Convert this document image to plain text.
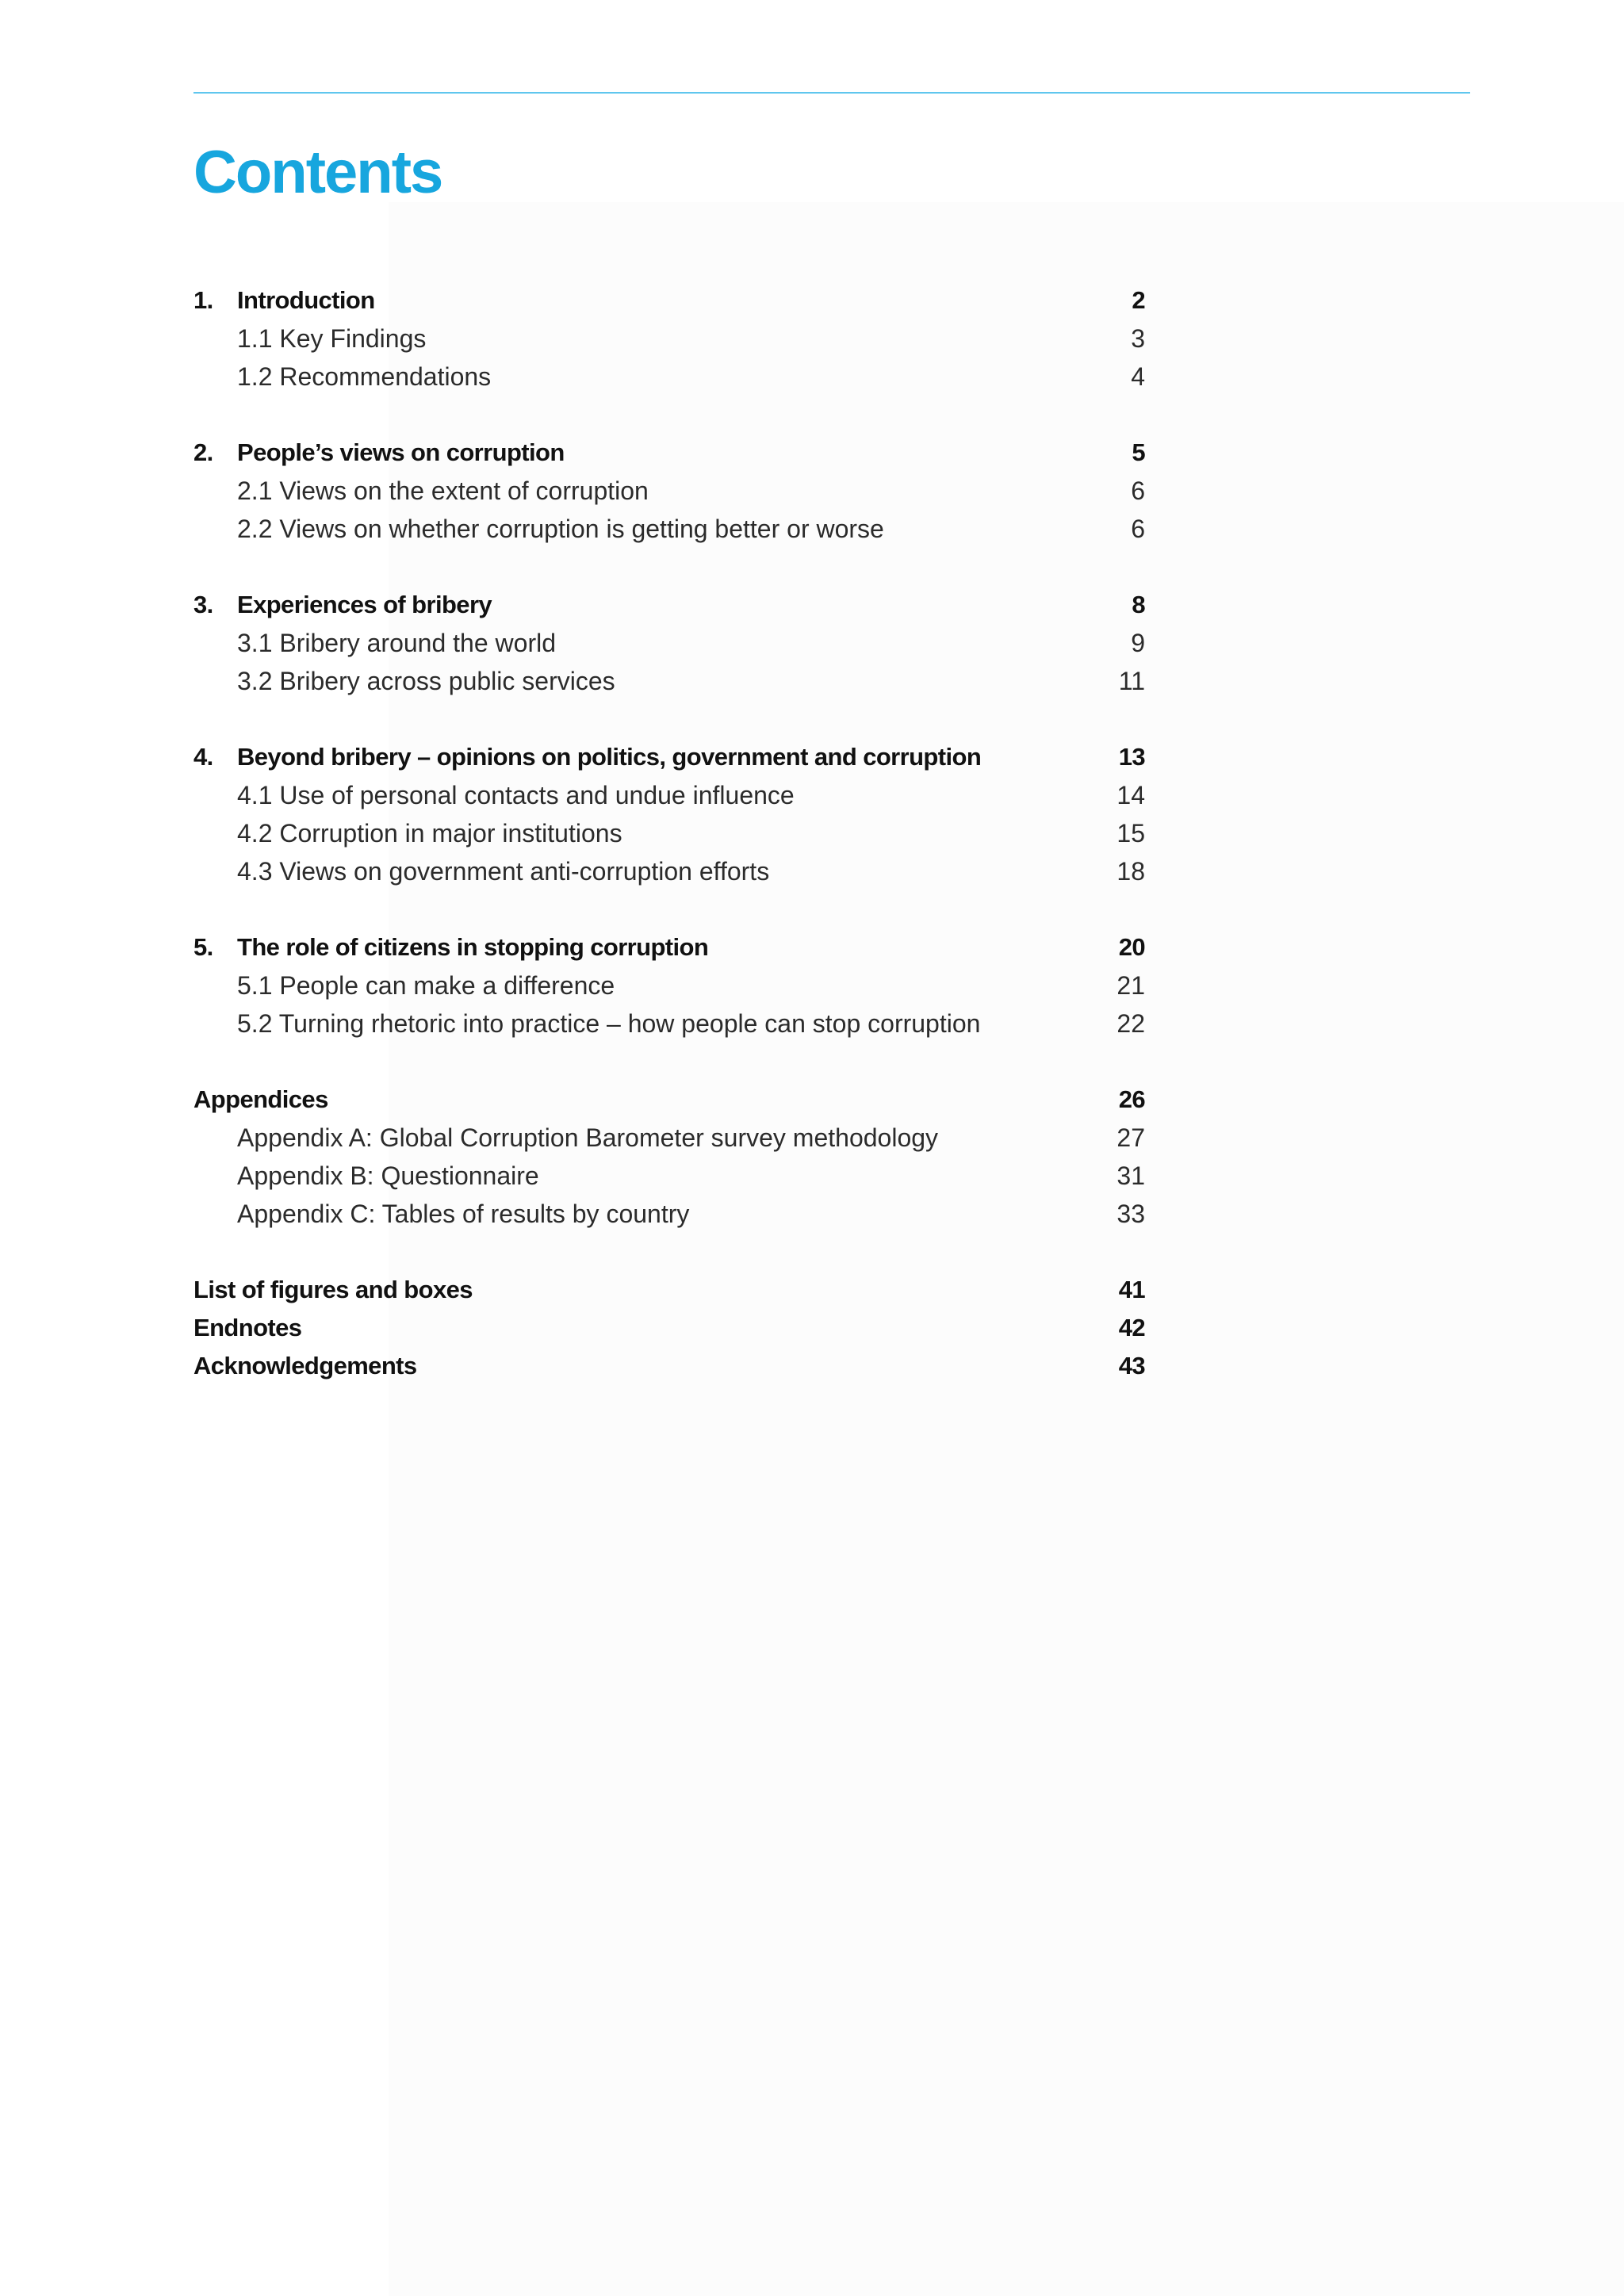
Contents
1. Introduction	2
1.1 Key Findings	3
1.2 Recommendations	4
2. People’s views on corruption	5
2.1 Views on the extent of corruption	6
2.2 Views on whether corruption is getting better or worse	6
3. Experiences of bribery	8
3.1 Bribery around the world	9
3.2 Bribery across public services	11
4. Beyond bribery – opinions on politics, government and corruption	13
4.1 Use of personal contacts and undue influence	14
4.2 Corruption in major institutions	15
4.3 Views on government anti-corruption efforts	18
5. The role of citizens in stopping corruption	20
5.1 People can make a difference	21
5.2 Turning rhetoric into practice – how people can stop corruption	22
Appendices	26
Appendix A: Global Corruption Barometer survey methodology	27
Appendix B: Questionnaire	31
Appendix C: Tables of results by country	33
List of figures and boxes	41
Endnotes	42
Acknowledgements	43
